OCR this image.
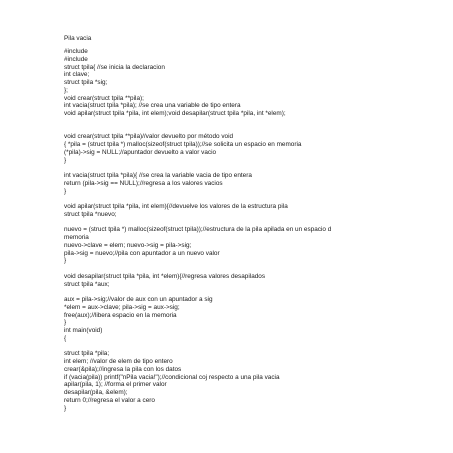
Pila vacia
#include
#include
struct tpila{ //se inicia la declaracion
int clave;
struct tpila *sig;
};
void crear(struct tpila **pila);
int vacia(struct tpila *pila); //se crea una variable de tipo entera
void apilar(struct tpila *pila, int elem);void desapilar(struct tpila *pila, int *elem);
void crear(struct tpila **pila)//valor devuelto por método void
{ *pila = (struct tpila *) malloc(sizeof(struct tpila));//se solicita un espacio en memoria
(*pila)->sig = NULL;//apuntador devuelto a valor vacio
}
int vacia(struct tpila *pila){ //se crea la variable vacia de tipo entera
return (pila->sig == NULL);//regresa a los valores vacios
}
void apilar(struct tpila *pila, int elem){//devuelve los valores de la estructura pila
struct tpila *nuevo;
nuevo = (struct tpila *) malloc(sizeof(struct tpila));//estructura de la pila apilada en un espacio d
memoria
nuevo->clave = elem; nuevo->sig = pila->sig;
pila->sig = nuevo;//pila con apuntador a un nuevo valor
}
void desapilar(struct tpila *pila, int *elem){//regresa valores desapilados
struct tpila *aux;
aux = pila->sig;//valor de aux con un apuntador a sig
*elem = aux->clave; pila->sig = aux->sig;
free(aux);//libera espacio en la memoria
}
int main(void)
{
struct tpila *pila;
int elem; //valor de elem de tipo entero
crear(&pila);//ingresa la pila con los datos
if (vacia(pila)) printf("nPila vacia!");//condicional coj respecto a una pila vacia
apilar(pila, 1); //forma el primer valor
desapilar(pila, &elem);
return 0;//regresa el valor a cero
}
